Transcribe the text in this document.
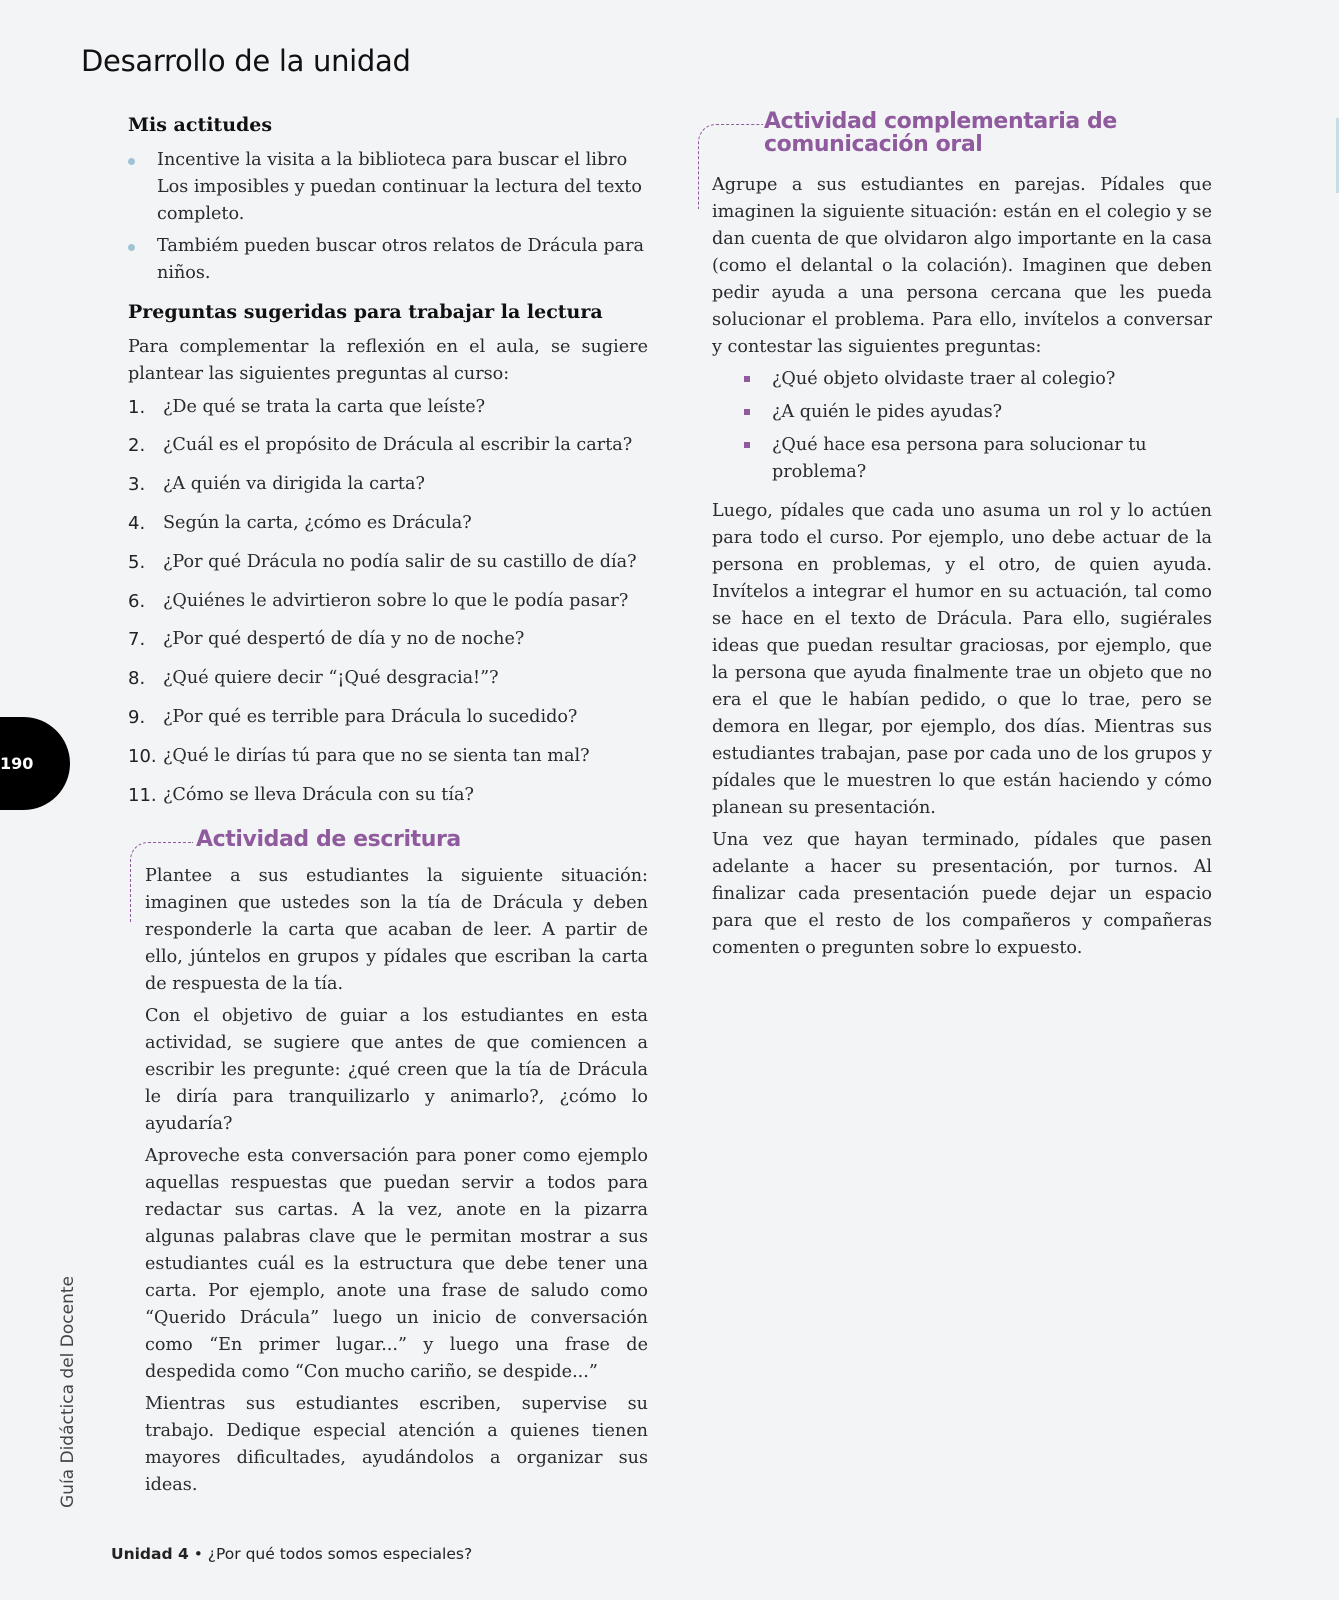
Desarrollo de la unidad
Mis actitudes
Incentive la visita a la biblioteca para buscar el libro Los imposibles y puedan continuar la lectura del texto completo.
Tambiém pueden buscar otros relatos de Drácula para niños.
Preguntas sugeridas para trabajar la lectura

Para complementar la reflexión en el aula, se sugiere plantear las siguientes preguntas al curso:

1.	¿De qué se trata la carta que leíste?
2.	¿Cuál es el propósito de Drácula al escribir la carta?
3.	¿A quién va dirigida la carta?
4.	Según la carta, ¿cómo es Drácula?
5.	¿Por qué Drácula no podía salir de su castillo de día?
6.	¿Quiénes le advirtieron sobre lo que le podía pasar?
7.	¿Por qué despertó de día y no de noche?
8.	¿Qué quiere decir “¡Qué desgracia!”?
9.	¿Por qué es terrible para Drácula lo sucedido?
10. ¿Qué le dirías tú para que no se sienta tan mal?
11. ¿Cómo se lleva Drácula con su tía?
Actividad de escritura

Plantee a sus estudiantes la siguiente situación: imaginen que ustedes son la tía de Drácula y deben responderle la carta que acaban de leer. A partir de ello, júntelos en grupos y pídales que escriban la carta de respuesta de la tía.

Con el objetivo de guiar a los estudiantes en esta actividad, se sugiere que antes de que comiencen a escribir les pregunte: ¿qué creen que la tía de Drácula le diría para tranquilizarlo y animarlo?, ¿cómo lo ayudaría?

Aproveche esta conversación para poner como ejemplo aquellas respuestas que puedan servir a todos para redactar sus cartas. A la vez, anote en la pizarra algunas palabras clave que le permitan mostrar a sus estudiantes cuál es la estructura que debe tener una carta. Por ejemplo, anote una frase de saludo como “Querido Drácula” luego un inicio de conversación como “En primer lugar...” y luego una frase de despedida como “Con mucho cariño, se despide...”

Mientras sus estudiantes escriben, supervise su trabajo. Dedique especial atención a quienes tienen mayores dificultades, ayudándolos a organizar sus ideas.

Actividad complementaria de
comunicación oral

Agrupe a sus estudiantes en parejas. Pídales que imaginen la siguiente situación: están en el colegio y se dan cuenta de que olvidaron algo importante en la casa (como el delantal o la colación). Imaginen que deben pedir ayuda a una persona cercana que les pueda solucionar el problema. Para ello, invítelos a conversar y contestar las siguientes preguntas:

¿Qué objeto olvidaste traer al colegio?
¿A quién le pides ayudas?
¿Qué hace esa persona para solucionar tu problema?

Luego, pídales que cada uno asuma un rol y lo actúen para todo el curso. Por ejemplo, uno debe actuar de la persona en problemas, y el otro, de quien ayuda. Invítelos a integrar el humor en su actuación, tal como se hace en el texto de Drácula. Para ello, sugiérales ideas que puedan resultar graciosas, por ejemplo, que la persona que ayuda finalmente trae un objeto que no era el que le habían pedido, o que lo trae, pero se demora en llegar, por ejemplo, dos días. Mientras sus estudiantes trabajan, pase por cada uno de los grupos y pídales que le muestren lo que están haciendo y cómo planean su presentación.

Una vez que hayan terminado, pídales que pasen adelante a hacer su presentación, por turnos. Al finalizar cada presentación puede dejar un espacio para que el resto de los compañeros y compañeras comenten o pregunten sobre lo expuesto.

190
Guía Didáctica del Docente
Unidad 4 • ¿Por qué todos somos especiales?
